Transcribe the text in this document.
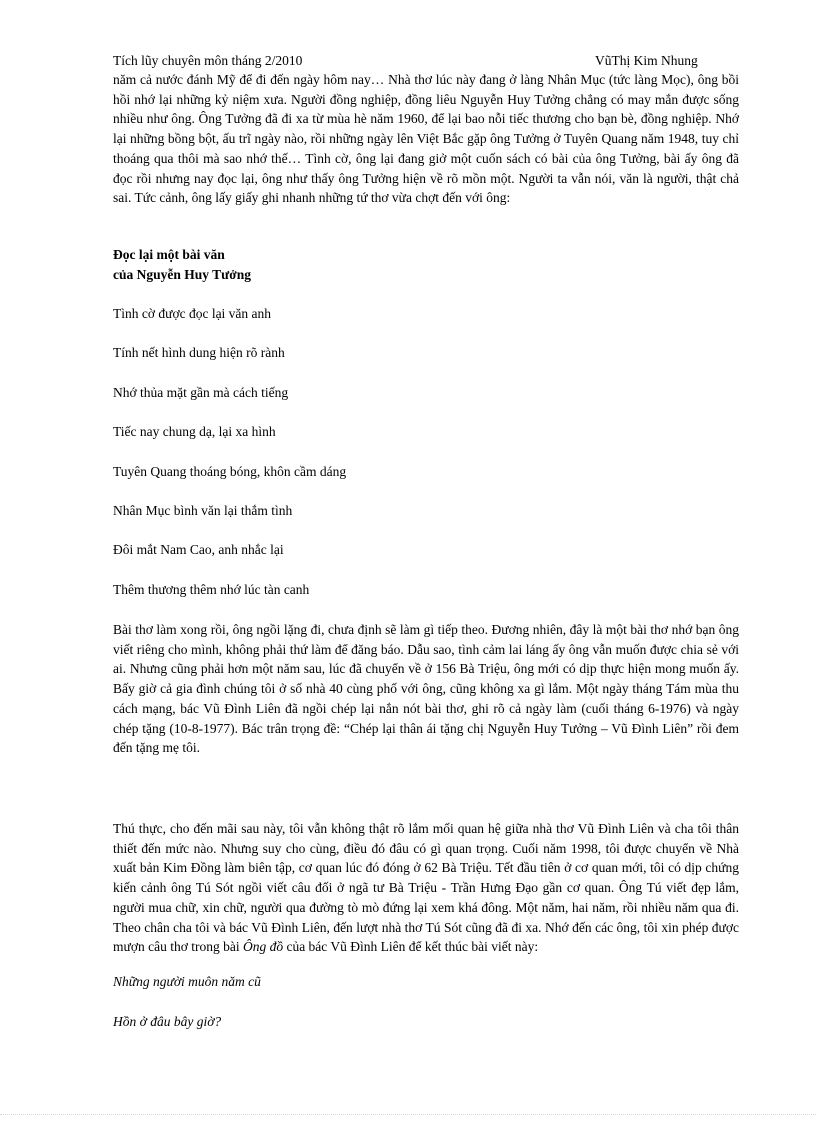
Tích lũy chuyên môn tháng 2/2010	VũThị Kim Nhung

năm cả nước đánh Mỹ để đi đến ngày hôm nay… Nhà thơ lúc này đang ở làng Nhân Mục (tức làng Mọc), ông bồi hồi nhớ lại những kỷ niệm xưa. Người đồng nghiệp, đồng liêu Nguyễn Huy Tưởng chẳng có may mắn được sống nhiều như ông. Ông Tưởng đã đi xa từ mùa hè năm 1960, để lại bao nỗi tiếc thương cho bạn bè, đồng nghiệp. Nhớ lại những bồng bột, ấu trĩ ngày nào, rồi những ngày lên Việt Bắc gặp ông Tưởng ở Tuyên Quang năm 1948, tuy chỉ thoáng qua thôi mà sao nhớ thế… Tình cờ, ông lại đang giở một cuốn sách có bài của ông Tưởng, bài ấy ông đã đọc rồi nhưng nay đọc lại, ông như thấy ông Tưởng hiện về rõ mồn một. Người ta vẫn nói, văn là người, thật chả sai. Tức cảnh, ông lấy giấy ghi nhanh những tứ thơ vừa chợt đến với ông:

Đọc lại một bài văn
của Nguyễn Huy Tưởng
Tình cờ được đọc lại văn anh
Tính nết hình dung hiện rõ rành
Nhớ thủa mặt gần mà cách tiếng
Tiếc nay chung dạ, lại xa hình
Tuyên Quang thoáng bóng, khôn cầm dáng
Nhân Mục bình văn lại thắm tình
Đôi mắt Nam Cao, anh nhắc lại
Thêm thương thêm nhớ lúc tàn canh

Bài thơ làm xong rồi, ông ngồi lặng đi, chưa định sẽ làm gì tiếp theo. Đương nhiên, đây là một bài thơ nhớ bạn ông viết riêng cho mình, không phải thứ làm để đăng báo. Dẫu sao, tình cảm lai láng ấy ông vẫn muốn được chia sẻ với ai. Nhưng cũng phải hơn một năm sau, lúc đã chuyển về ở 156 Bà Triệu, ông mới có dịp thực hiện mong muốn ấy. Bấy giờ cả gia đình chúng tôi ở số nhà 40 cùng phố với ông, cũng không xa gì lắm. Một ngày tháng Tám mùa thu cách mạng, bác Vũ Đình Liên đã ngồi chép lại nắn nót bài thơ, ghi rõ cả ngày làm (cuối tháng 6-1976) và ngày chép tặng (10-8-1977). Bác trân trọng đề: “Chép lại thân ái tặng chị Nguyễn Huy Tưởng – Vũ Đình Liên” rồi đem đến tặng mẹ tôi.

Thú thực, cho đến mãi sau này, tôi vẫn không thật rõ lắm mối quan hệ giữa nhà thơ Vũ Đình Liên và cha tôi thân thiết đến mức nào. Nhưng suy cho cùng, điều đó đâu có gì quan trọng. Cuối năm 1998, tôi được chuyển về Nhà xuất bản Kim Đồng làm biên tập, cơ quan lúc đó đóng ở 62 Bà Triệu. Tết đầu tiên ở cơ quan mới, tôi có dịp chứng kiến cảnh ông Tú Sót ngồi viết câu đối ở ngã tư Bà Triệu - Trần Hưng Đạo gần cơ quan. Ông Tú viết đẹp lắm, người mua chữ, xin chữ, người qua đường tò mò đứng lại xem khá đông. Một năm, hai năm, rồi nhiều năm qua đi. Theo chân cha tôi và bác Vũ Đình Liên, đến lượt nhà thơ Tú Sót cũng đã đi xa. Nhớ đến các ông, tôi xin phép được mượn câu thơ trong bài Ông đồ của bác Vũ Đình Liên để kết thúc bài viết này:

Những người muôn năm cũ
Hồn ở đâu bây giờ?
